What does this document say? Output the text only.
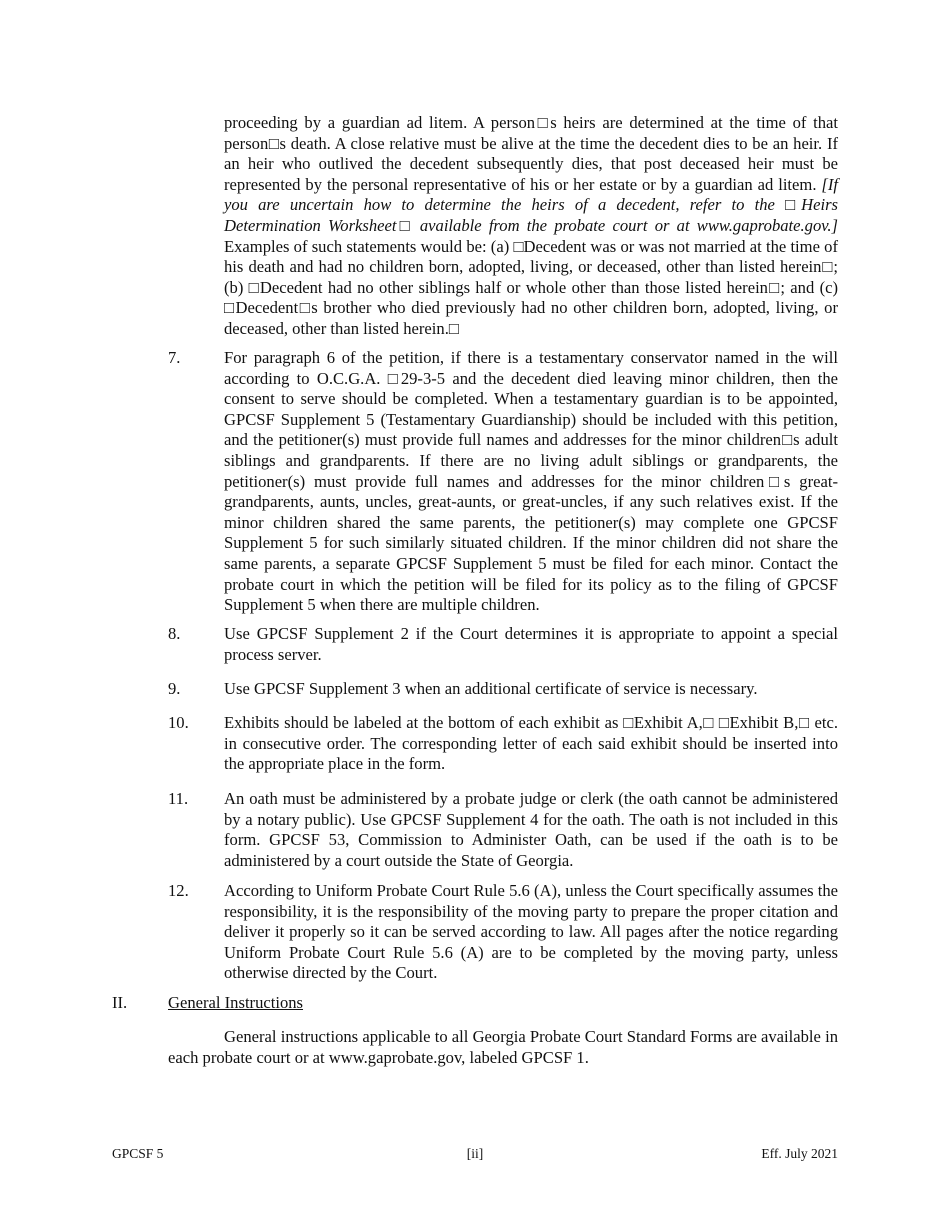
proceeding by a guardian ad litem. A person□s heirs are determined at the time of that person□s death. A close relative must be alive at the time the decedent dies to be an heir. If an heir who outlived the decedent subsequently dies, that post deceased heir must be represented by the personal representative of his or her estate or by a guardian ad litem. [If you are uncertain how to determine the heirs of a decedent, refer to the □Heirs Determination Worksheet□ available from the probate court or at www.gaprobate.gov.] Examples of such statements would be: (a) □Decedent was or was not married at the time of his death and had no children born, adopted, living, or deceased, other than listed herein□; (b) □Decedent had no other siblings half or whole other than those listed herein□; and (c) □Decedent□s brother who died previously had no other children born, adopted, living, or deceased, other than listed herein.□
7.	For paragraph 6 of the petition, if there is a testamentary conservator named in the will according to O.C.G.A. □29-3-5 and the decedent died leaving minor children, then the consent to serve should be completed. When a testamentary guardian is to be appointed, GPCSF Supplement 5 (Testamentary Guardianship) should be included with this petition, and the petitioner(s) must provide full names and addresses for the minor children□s adult siblings and grandparents. If there are no living adult siblings or grandparents, the petitioner(s) must provide full names and addresses for the minor children□s great-grandparents, aunts, uncles, great-aunts, or great-uncles, if any such relatives exist. If the minor children shared the same parents, the petitioner(s) may complete one GPCSF Supplement 5 for such similarly situated children. If the minor children did not share the same parents, a separate GPCSF Supplement 5 must be filed for each minor. Contact the probate court in which the petition will be filed for its policy as to the filing of GPCSF Supplement 5 when there are multiple children.
8.	Use GPCSF Supplement 2 if the Court determines it is appropriate to appoint a special process server.
9.	Use GPCSF Supplement 3 when an additional certificate of service is necessary.
10. Exhibits should be labeled at the bottom of each exhibit as □Exhibit A,□ □Exhibit B,□ etc. in consecutive order. The corresponding letter of each said exhibit should be inserted into the appropriate place in the form.
11. An oath must be administered by a probate judge or clerk (the oath cannot be administered by a notary public). Use GPCSF Supplement 4 for the oath. The oath is not included in this form. GPCSF 53, Commission to Administer Oath, can be used if the oath is to be administered by a court outside the State of Georgia.
12. According to Uniform Probate Court Rule 5.6 (A), unless the Court specifically assumes the responsibility, it is the responsibility of the moving party to prepare the proper citation and deliver it properly so it can be served according to law. All pages after the notice regarding Uniform Probate Court Rule 5.6 (A) are to be completed by the moving party, unless otherwise directed by the Court.
II. General Instructions
General instructions applicable to all Georgia Probate Court Standard Forms are available in each probate court or at www.gaprobate.gov, labeled GPCSF 1.
GPCSF 5	[ii]	Eff. July 2021
